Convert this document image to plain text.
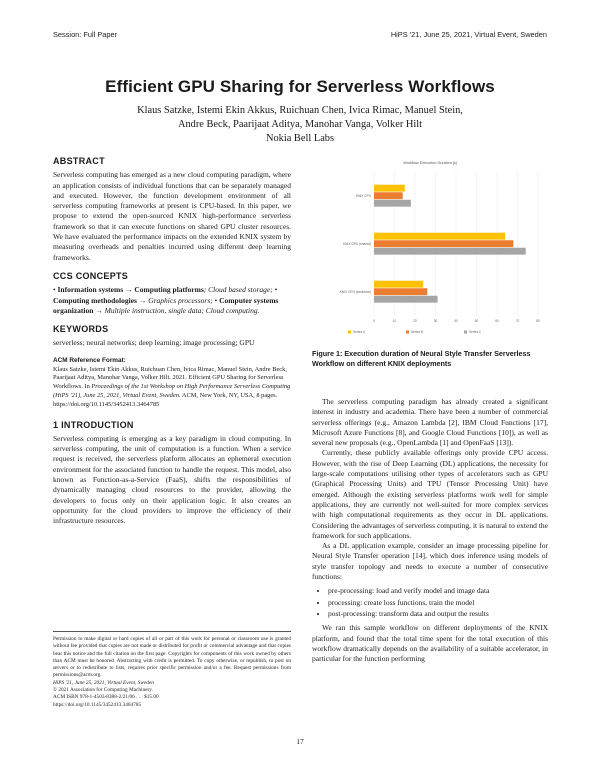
Session: Full Paper	HiPS '21, June 25, 2021, Virtual Event, Sweden
Efficient GPU Sharing for Serverless Workflows
Klaus Satzke, Istemi Ekin Akkus, Ruichuan Chen, Ivica Rimac, Manuel Stein,
Andre Beck, Paarijaat Aditya, Manohar Vanga, Volker Hilt
Nokia Bell Labs
ABSTRACT

Serverless computing has emerged as a new cloud computing paradigm, where an application consists of individual functions that can be separately managed and executed. However, the function development environment of all serverless computing frameworks at present is CPU-based. In this paper, we propose to extend the open-sourced KNIX high-performance serverless framework so that it can execute functions on shared GPU cluster resources. We have evaluated the performance impacts on the extended KNIX system by measuring overheads and penalties incurred using different deep learning frameworks.

CCS CONCEPTS

• Information systems → Computing platforms; Cloud based storage; • Computing methodologies → Graphics processors; • Computer systems organization → Multiple instruction, single data; Cloud computing.

KEYWORDS

serverless; neural networks; deep learning; image processing; GPU

ACM Reference Format:
Klaus Satzke, Istemi Ekin Akkus, Ruichuan Chen, Ivica Rimac, Manuel Stein, Andre Beck, Paarijaat Aditya, Manohar Vanga, Volker Hilt. 2021. Efficient GPU Sharing for Serverless Workflows. In Proceedings of the 1st Workshop on High Performance Serverless Computing (HiPS '21), June 25, 2021, Virtual Event, Sweden. ACM, New York, NY, USA, 8 pages. https://doi.org/10.1145/3452413.3464785
1 INTRODUCTION

Serverless computing is emerging as a key paradigm in cloud computing. In serverless computing, the unit of computation is a function. When a service request is received, the serverless platform allocates an ephemeral execution environment for the associated function to handle the request. This model, also known as Function-as-a-Service (FaaS), shifts the responsibilities of dynamically managing cloud resources to the provider, allowing the developers to focus only on their application logic. It also creates an opportunity for the cloud providers to improve the efficiency of their infrastructure resources.

Permission to make digital or hard copies of all or part of this work for personal or classroom use is granted without fee provided that copies are not made or distributed for profit or commercial advantage and that copies bear this notice and the full citation on the first page. Copyrights for components of this work owned by others than ACM must be honored. Abstracting with credit is permitted. To copy otherwise, or republish, to post on servers or to redistribute to lists, requires prior specific permission and/or a fee. Request permissions from permissions@acm.org.
HiPS '21, June 25, 2021, Virtual Event, Sweden
© 2021 Association for Computing Machinery.
ACM ISBN 978-1-4503-8388-2/21/06 . . . $15.00
https://doi.org/10.1145/3452413.3464785
Workflow Execution Duration [s]
0	10	20	30	40	50	60	70	80
KNIX CPU
KNIX GPU (shared)
KNIX GPU (exclusive)
Series A	Series B	Series C
Figure 1: Execution duration of Neural Style Transfer Serverless Workflow on different KNIX deployments

The serverless computing paradigm has already created a significant interest in industry and academia. There have been a number of commercial serverless offerings (e.g., Amazon Lambda [2], IBM Cloud Functions [17], Microsoft Azure Functions [8], and Google Cloud Functions [10]), as well as several new proposals (e.g., OpenLambda [1] and OpenFaaS [13]).

Currently, these publicly available offerings only provide CPU access. However, with the rise of Deep Learning (DL) applications, the necessity for large-scale computations utilising other types of accelerators such as GPU (Graphical Processing Units) and TPU (Tensor Processing Unit) have emerged. Although the existing serverless platforms work well for simple applications, they are currently not well-suited for more complex services with high computational requirements as they occur in DL applications. Considering the advantages of serverless computing, it is natural to extend the framework for such applications.

As a DL application example, consider an image processing pipeline for Neural Style Transfer operation [14], which does inference using models of style transfer topology and needs to execute a number of consecutive functions:

• pre-processing: load and verify model and image data
• processing: create loss functions, train the model
• post-processing: transform data and output the results

We ran this sample workflow on different deployments of the KNIX platform, and found that the total time spent for the total execution of this workflow dramatically depends on the availability of a suitable accelerator, in particular for the function performing

17
